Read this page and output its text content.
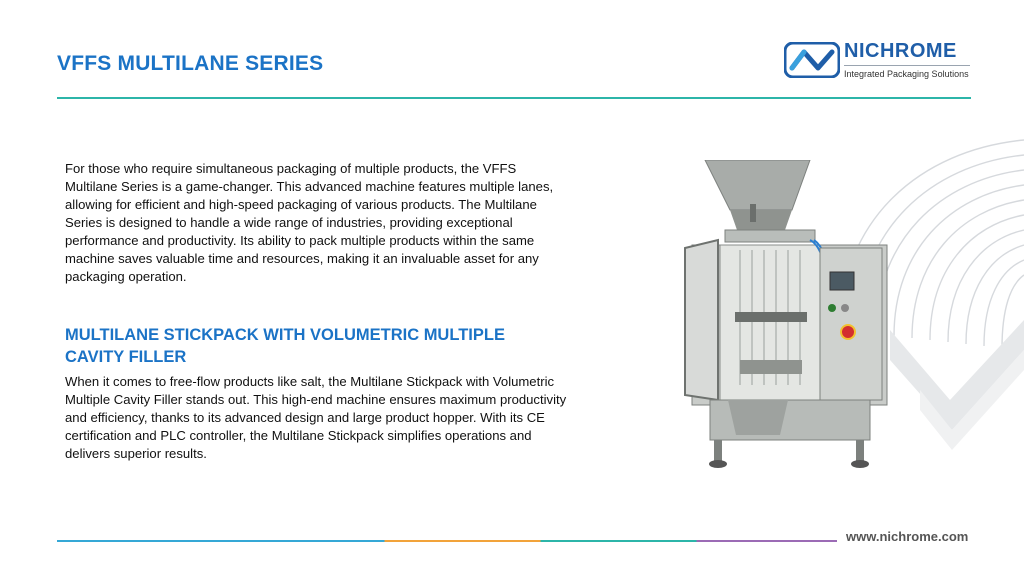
VFFS MULTILANE SERIES
NICHROME
Integrated Packaging Solutions
For those who require simultaneous packaging of multiple products, the VFFS Multilane Series is a game-changer. This advanced machine features multiple lanes, allowing for efficient and high-speed packaging of various products. The Multilane Series is designed to handle a wide range of industries, providing exceptional performance and productivity. Its ability to pack multiple products within the same machine saves valuable time and resources, making it an invaluable asset for any packaging operation.
MULTILANE STICKPACK WITH VOLUMETRIC MULTIPLE CAVITY FILLER
When it comes to free-flow products like salt, the Multilane Stickpack with Volumetric Multiple Cavity Filler stands out. This high-end machine ensures maximum productivity and efficiency, thanks to its advanced design and large product hopper. With its CE certification and PLC controller, the Multilane Stickpack simplifies operations and delivers superior results.
www.nichrome.com
